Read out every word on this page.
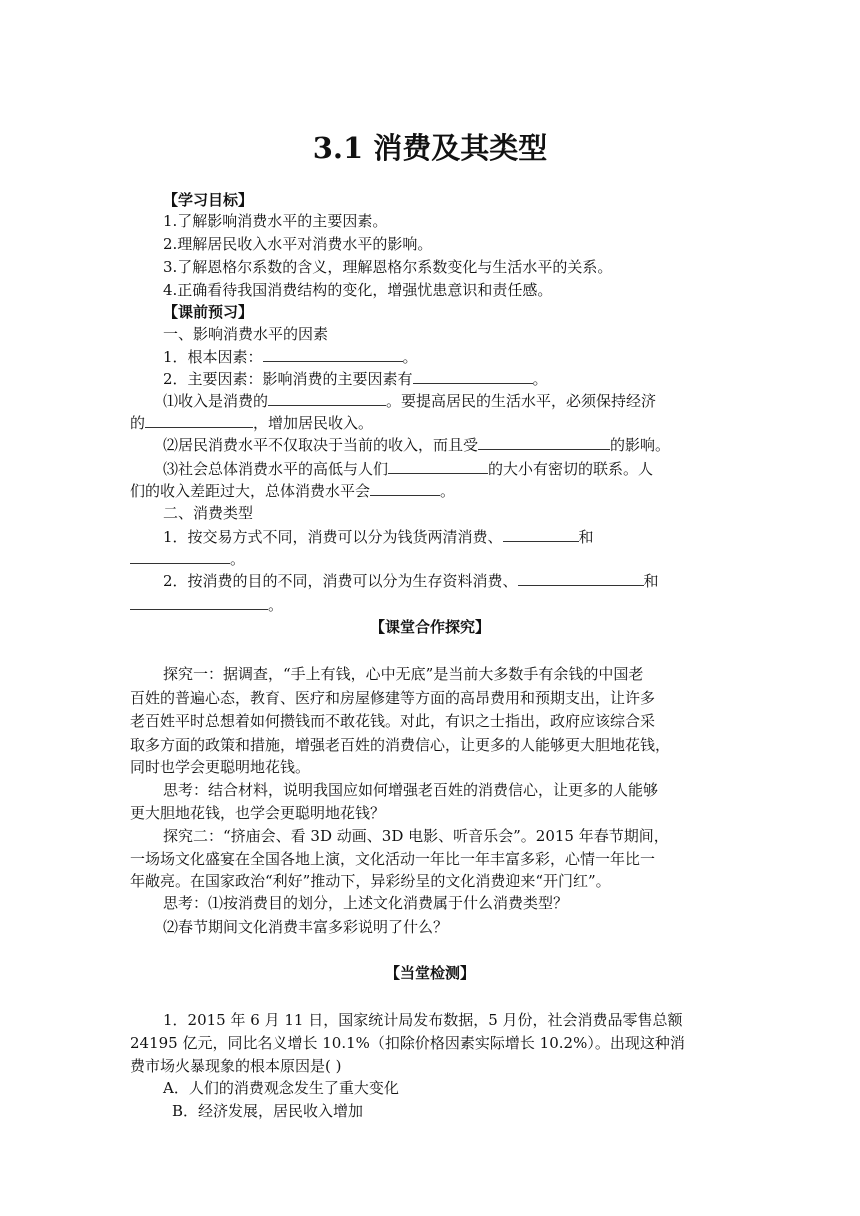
3.1 消费及其类型
【学习目标】
1.了解影响消费水平的主要因素。
2.理解居民收入水平对消费水平的影响。
3.了解恩格尔系数的含义，理解恩格尔系数变化与生活水平的关系。
4.正确看待我国消费结构的变化，增强忧患意识和责任感。
【课前预习】
一、影响消费水平的因素
1．根本因素：	。
2．主要因素：影响消费的主要因素有	。
⑴收入是消费的	。要提高居民的生活水平，必须保持经济
的	，增加居民收入。
⑵居民消费水平不仅取决于当前的收入，而且受	的影响。
⑶社会总体消费水平的高低与人们	的大小有密切的联系。人
们的收入差距过大，总体消费水平会	。
二、消费类型
1．按交易方式不同，消费可以分为钱货两清消费、	和
。
2．按消费的目的不同，消费可以分为生存资料消费、	和
。
【课堂合作探究】
探究一：据调查，“手上有钱，心中无底”是当前大多数手有余钱的中国老
百姓的普遍心态，教育、医疗和房屋修建等方面的高昂费用和预期支出，让许多
老百姓平时总想着如何攒钱而不敢花钱。对此，有识之士指出，政府应该综合采
取多方面的政策和措施，增强老百姓的消费信心，让更多的人能够更大胆地花钱，
同时也学会更聪明地花钱。
思考：结合材料，说明我国应如何增强老百姓的消费信心，让更多的人能够
更大胆地花钱，也学会更聪明地花钱？
探究二：“挤庙会、看 3D 动画、3D 电影、听音乐会”。2015 年春节期间，
一场场文化盛宴在全国各地上演，文化活动一年比一年丰富多彩，心情一年比一
年敞亮。在国家政治“利好”推动下，异彩纷呈的文化消费迎来“开门红”。
思考：⑴按消费目的划分，上述文化消费属于什么消费类型？
⑵春节期间文化消费丰富多彩说明了什么？
【当堂检测】
1．2015 年 6 月 11 日，国家统计局发布数据，5 月份，社会消费品零售总额
24195 亿元，同比名义增长 10.1%（扣除价格因素实际增长 10.2%）。出现这种消
费市场火暴现象的根本原因是( )
A．人们的消费观念发生了重大变化
B．经济发展，居民收入增加
